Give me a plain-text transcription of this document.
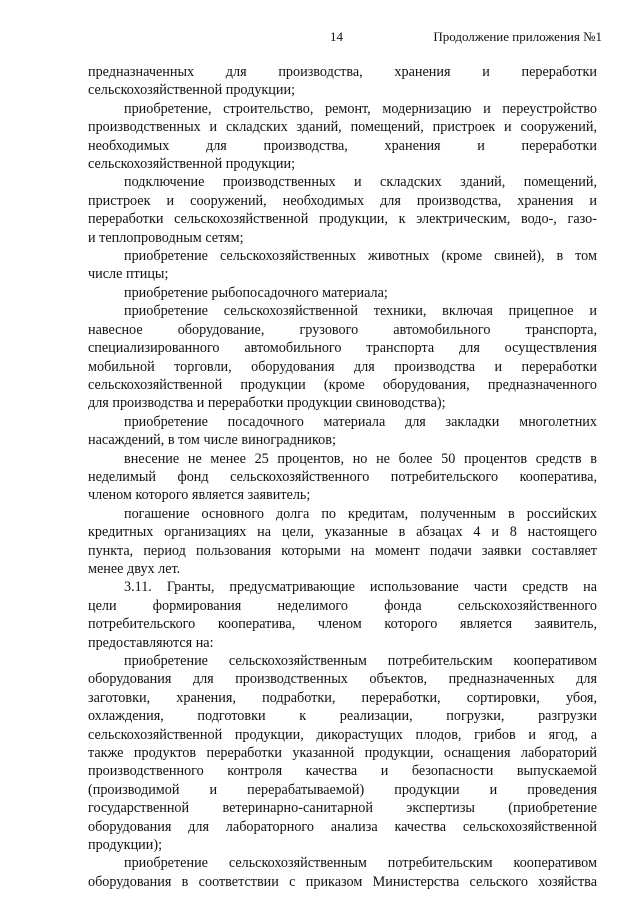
14	Продолжение приложения №1

предназначенных для производства, хранения и переработки

сельскохозяйственной продукции;

приобретение, строительство, ремонт, модернизацию и переустройство

производственных и складских зданий, помещений, пристроек и сооружений,

необходимых для производства, хранения и переработки

сельскохозяйственной продукции;

подключение производственных и складских зданий, помещений,

пристроек и сооружений, необходимых для производства, хранения и

переработки сельскохозяйственной продукции, к электрическим, водо-, газо-

и теплопроводным сетям;

приобретение сельскохозяйственных животных (кроме свиней), в том

числе птицы;

приобретение рыбопосадочного материала;

приобретение сельскохозяйственной техники, включая прицепное и

навесное оборудование, грузового автомобильного транспорта,

специализированного автомобильного транспорта для осуществления

мобильной торговли, оборудования для производства и переработки

сельскохозяйственной продукции (кроме оборудования, предназначенного

для производства и переработки продукции свиноводства);

приобретение посадочного материала для закладки многолетних

насаждений, в том числе виноградников;

внесение не менее 25 процентов, но не более 50 процентов средств в

неделимый фонд сельскохозяйственного потребительского кооператива,

членом которого является заявитель;

погашение основного долга по кредитам, полученным в российских

кредитных организациях на цели, указанные в абзацах 4 и 8 настоящего

пункта, период пользования которыми на момент подачи заявки составляет

менее двух лет.

3.11. Гранты, предусматривающие использование части средств на

цели формирования неделимого фонда сельскохозяйственного

потребительского кооператива, членом которого является заявитель,

предоставляются на:

приобретение сельскохозяйственным потребительским кооперативом

оборудования для производственных объектов, предназначенных для

заготовки, хранения, подработки, переработки, сортировки, убоя,

охлаждения, подготовки к реализации, погрузки, разгрузки

сельскохозяйственной продукции, дикорастущих плодов, грибов и ягод, а

также продуктов переработки указанной продукции, оснащения лабораторий

производственного контроля качества и безопасности выпускаемой

(производимой и перерабатываемой) продукции и проведения

государственной ветеринарно-санитарной экспертизы (приобретение

оборудования для лабораторного анализа качества сельскохозяйственной

продукции);

приобретение сельскохозяйственным потребительским кооперативом

оборудования в соответствии с приказом Министерства сельского хозяйства
